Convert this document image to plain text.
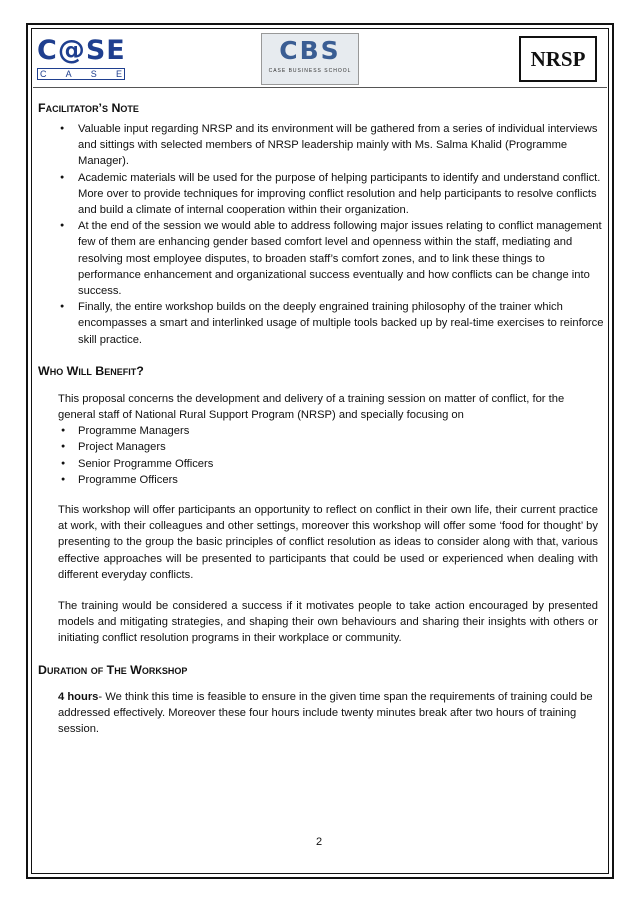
C@SE
C A S E
CBS
CASE BUSINESS SCHOOL
NRSP
Facilitator’s Note
● Valuable input regarding NRSP and its environment will be gathered from a series of individual interviews and sittings with selected members of NRSP leadership mainly with Ms. Salma Khalid (Programme Manager).
● Academic materials will be used for the purpose of helping participants to identify and understand conflict. More over to provide techniques for improving conflict resolution and help participants to resolve conflicts and build a climate of internal cooperation within their organization.
● At the end of the session we would able to address following major issues relating to conflict management few of them are enhancing gender based comfort level and openness within the staff, mediating and resolving most employee disputes, to broaden staff’s comfort zones, and to link these things to performance enhancement and organizational success eventually and how conflicts can be change into success.
● Finally, the entire workshop builds on the deeply engrained training philosophy of the trainer which encompasses a smart and interlinked usage of multiple tools backed up by real-time exercises to reinforce skill practice.
Who Will Benefit?

This proposal concerns the development and delivery of a training session on matter of conflict, for the general staff of National Rural Support Program (NRSP) and specially focusing on

● Programme Managers
● Project Managers
● Senior Programme Officers
● Programme Officers

This workshop will offer participants an opportunity to reflect on conflict in their own life, their current practice at work, with their colleagues and other settings, moreover this workshop will offer some ‘food for thought’ by presenting to the group the basic principles of conflict resolution as ideas to consider along with that, various effective approaches will be presented to participants that could be used or experienced when dealing with different everyday conflicts.

The training would be considered a success if it motivates people to take action encouraged by presented models and mitigating strategies, and shaping their own behaviours and sharing their insights with others or initiating conflict resolution programs in their workplace or community.

Duration of The Workshop

4 hours- We think this time is feasible to ensure in the given time span the requirements of training could be addressed effectively. Moreover these four hours include twenty minutes break after two hours of training session.

2
